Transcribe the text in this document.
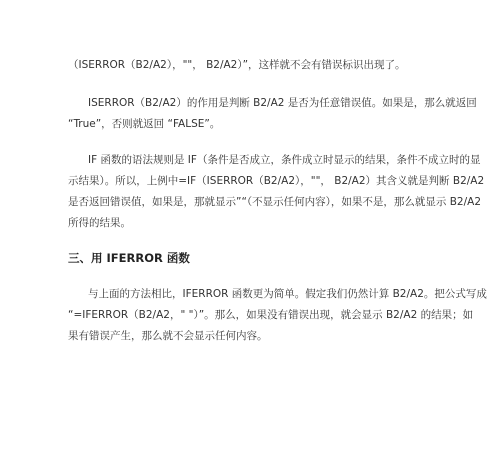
（ISERROR（B2/A2），""， B2/A2）”，这样就不会有错误标识出现了。

ISERROR（B2/A2）的作用是判断 B2/A2 是否为任意错误值。如果是，那么就返回
“True”，否则就返回 “FALSE”。

IF 函数的语法规则是 IF（条件是否成立，条件成立时显示的结果，条件不成立时的显
示结果）。所以，上例中=IF（ISERROR（B2/A2），""， B2/A2）其含义就是判断 B2/A2
是否返回错误值，如果是，那就显示”“（不显示任何内容），如果不是，那么就显示 B2/A2
所得的结果。

三、用 IFERROR 函数

与上面的方法相比，IFERROR 函数更为简单。假定我们仍然计算 B2/A2。把公式写成
“=IFERROR（B2/A2，" "）”。那么，如果没有错误出现，就会显示 B2/A2 的结果；如
果有错误产生，那么就不会显示任何内容。
